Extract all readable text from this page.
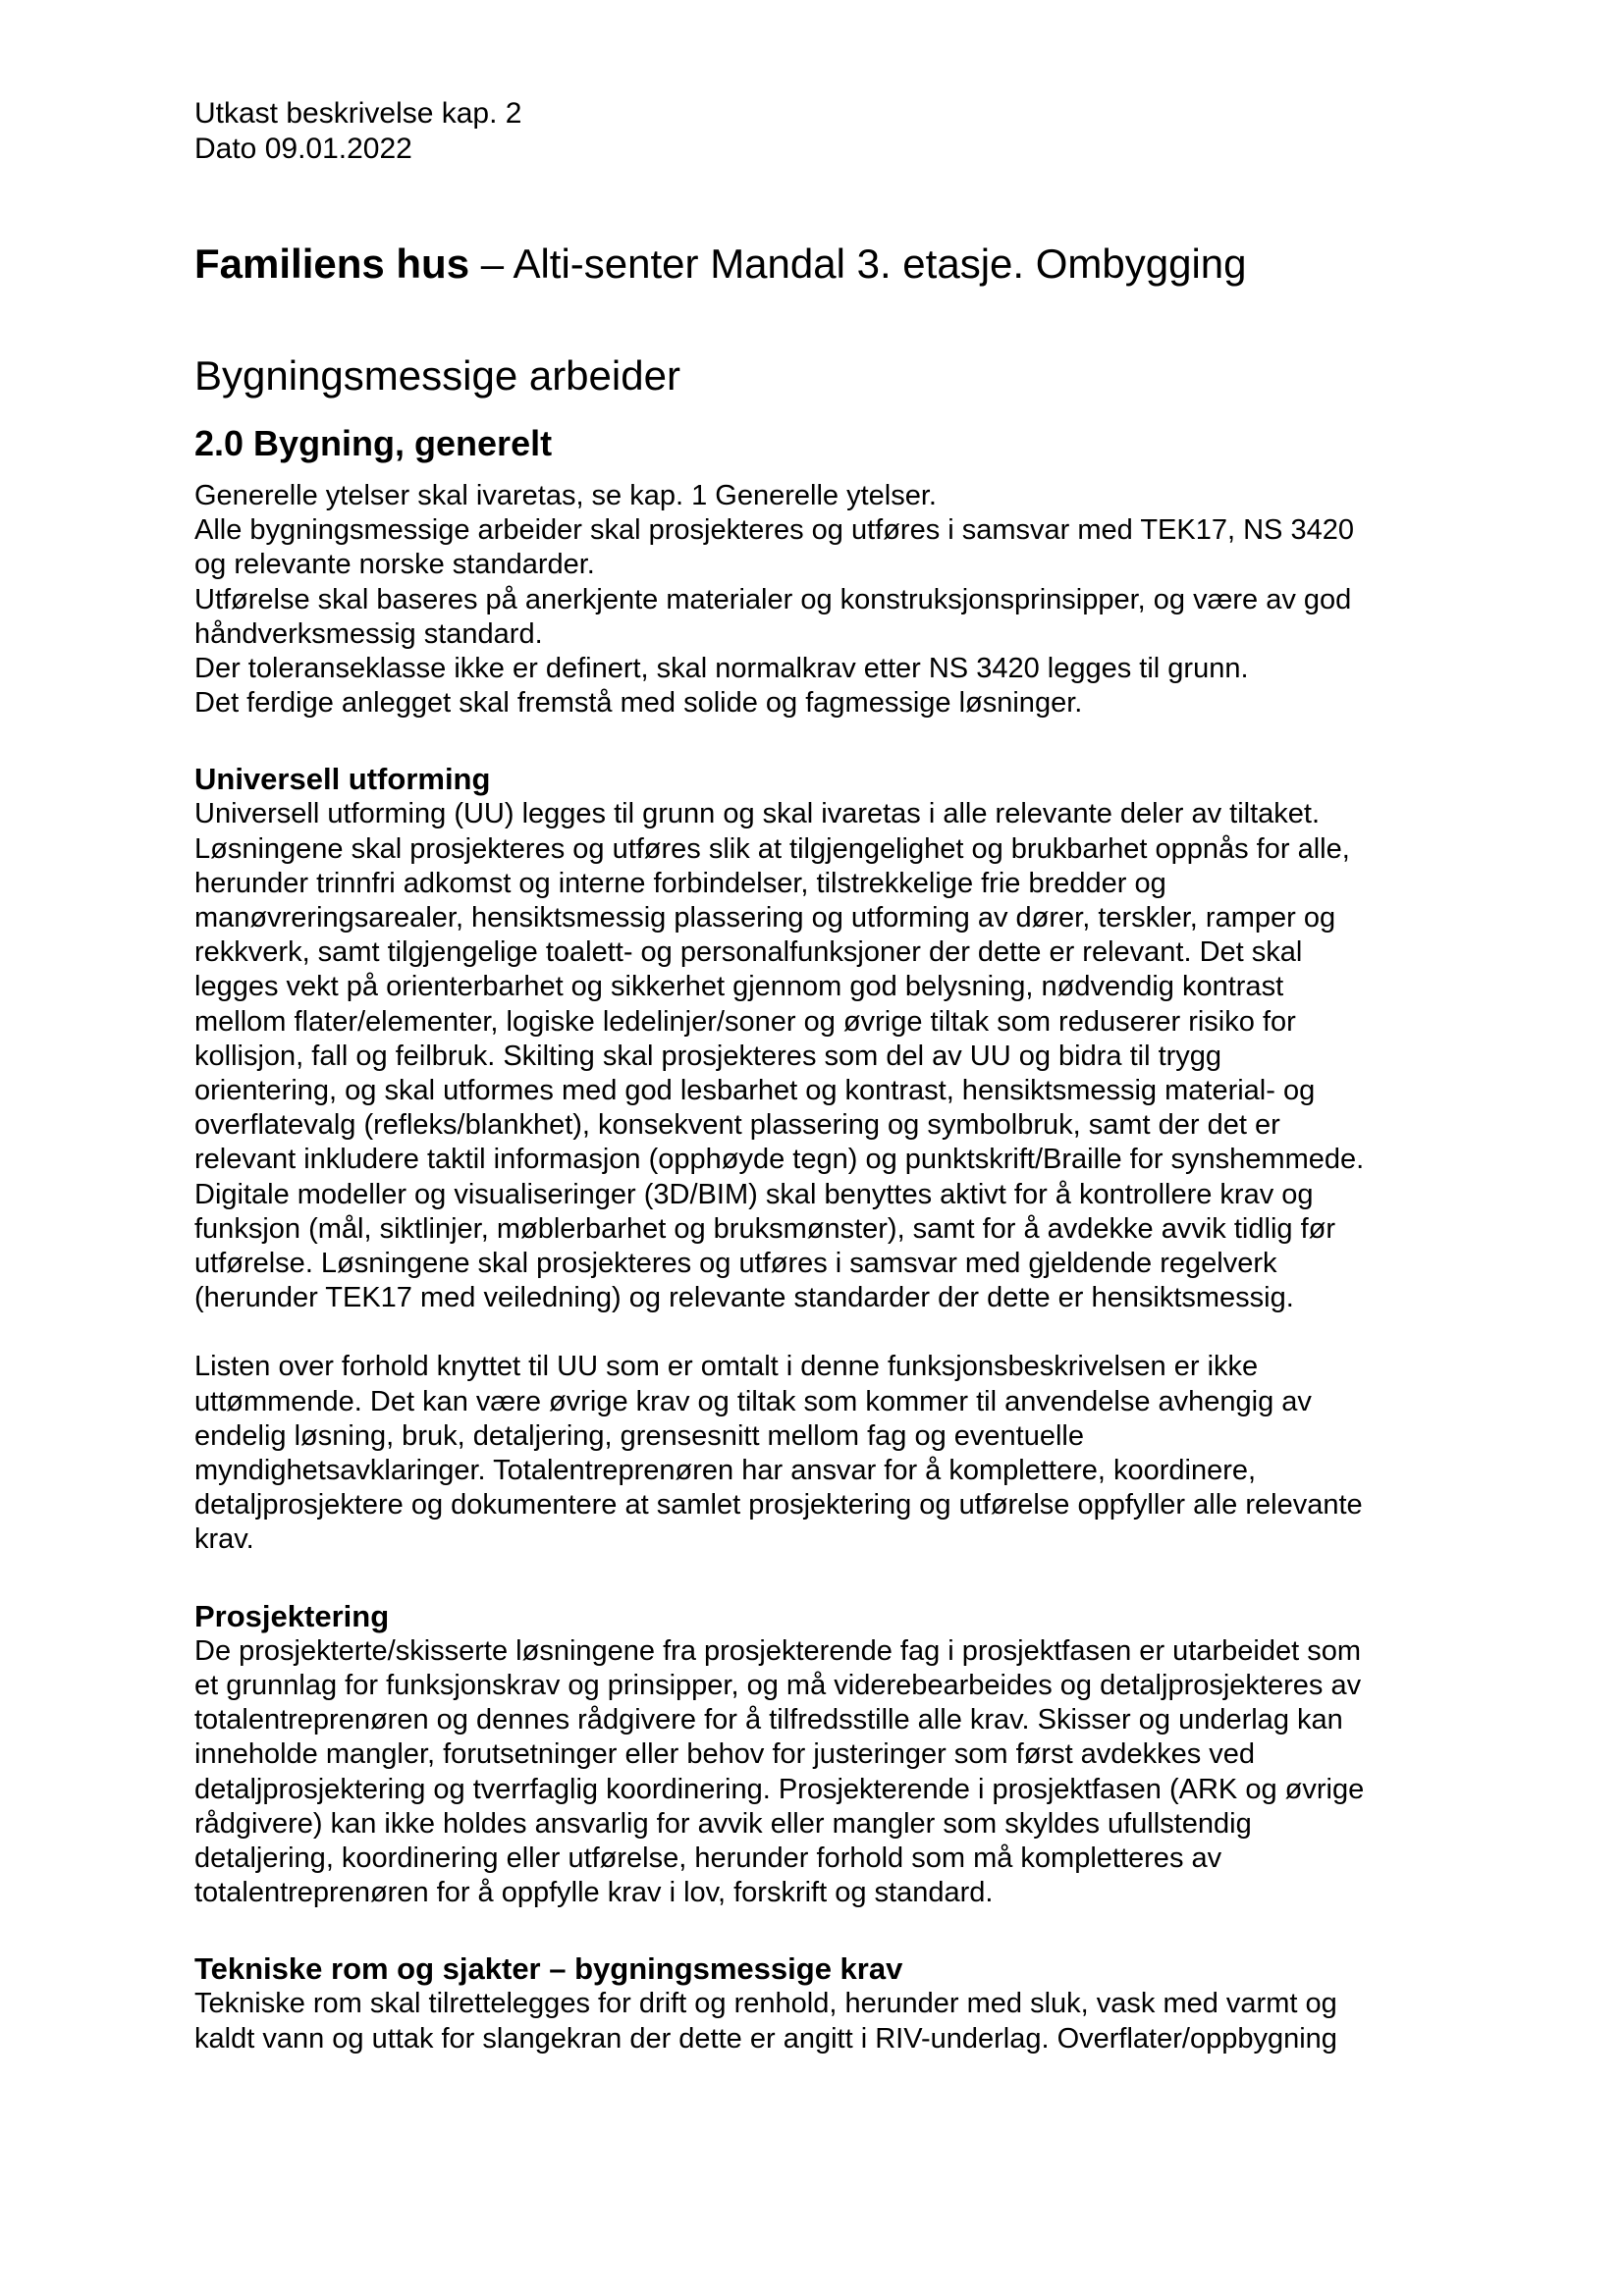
Utkast beskrivelse kap. 2

Dato 09.01.2022

Familiens hus – Alti-senter Mandal 3. etasje. Ombygging
Bygningsmessige arbeider
2.0 Bygning, generelt

Generelle ytelser skal ivaretas, se kap. 1 Generelle ytelser.

Alle bygningsmessige arbeider skal prosjekteres og utføres i samsvar med TEK17, NS 3420

og relevante norske standarder.

Utførelse skal baseres på anerkjente materialer og konstruksjonsprinsipper, og være av god

håndverksmessig standard.

Der toleranseklasse ikke er definert, skal normalkrav etter NS 3420 legges til grunn.

Det ferdige anlegget skal fremstå med solide og fagmessige løsninger.

Universell utforming

Universell utforming (UU) legges til grunn og skal ivaretas i alle relevante deler av tiltaket.

Løsningene skal prosjekteres og utføres slik at tilgjengelighet og brukbarhet oppnås for alle,

herunder trinnfri adkomst og interne forbindelser, tilstrekkelige frie bredder og

manøvreringsarealer, hensiktsmessig plassering og utforming av dører, terskler, ramper og

rekkverk, samt tilgjengelige toalett- og personalfunksjoner der dette er relevant. Det skal

legges vekt på orienterbarhet og sikkerhet gjennom god belysning, nødvendig kontrast

mellom flater/elementer, logiske ledelinjer/soner og øvrige tiltak som reduserer risiko for

kollisjon, fall og feilbruk. Skilting skal prosjekteres som del av UU og bidra til trygg

orientering, og skal utformes med god lesbarhet og kontrast, hensiktsmessig material- og

overflatevalg (refleks/blankhet), konsekvent plassering og symbolbruk, samt der det er

relevant inkludere taktil informasjon (opphøyde tegn) og punktskrift/Braille for synshemmede.

Digitale modeller og visualiseringer (3D/BIM) skal benyttes aktivt for å kontrollere krav og

funksjon (mål, siktlinjer, møblerbarhet og bruksmønster), samt for å avdekke avvik tidlig før

utførelse. Løsningene skal prosjekteres og utføres i samsvar med gjeldende regelverk

(herunder TEK17 med veiledning) og relevante standarder der dette er hensiktsmessig.

Listen over forhold knyttet til UU som er omtalt i denne funksjonsbeskrivelsen er ikke

uttømmende. Det kan være øvrige krav og tiltak som kommer til anvendelse avhengig av

endelig løsning, bruk, detaljering, grensesnitt mellom fag og eventuelle

myndighetsavklaringer. Totalentreprenøren har ansvar for å komplettere, koordinere,

detaljprosjektere og dokumentere at samlet prosjektering og utførelse oppfyller alle relevante

krav.

Prosjektering

De prosjekterte/skisserte løsningene fra prosjekterende fag i prosjektfasen er utarbeidet som

et grunnlag for funksjonskrav og prinsipper, og må viderebearbeides og detaljprosjekteres av

totalentreprenøren og dennes rådgivere for å tilfredsstille alle krav. Skisser og underlag kan

inneholde mangler, forutsetninger eller behov for justeringer som først avdekkes ved

detaljprosjektering og tverrfaglig koordinering. Prosjekterende i prosjektfasen (ARK og øvrige

rådgivere) kan ikke holdes ansvarlig for avvik eller mangler som skyldes ufullstendig

detaljering, koordinering eller utførelse, herunder forhold som må kompletteres av

totalentreprenøren for å oppfylle krav i lov, forskrift og standard.

Tekniske rom og sjakter – bygningsmessige krav

Tekniske rom skal tilrettelegges for drift og renhold, herunder med sluk, vask med varmt og

kaldt vann og uttak for slangekran der dette er angitt i RIV-underlag. Overflater/oppbygning
